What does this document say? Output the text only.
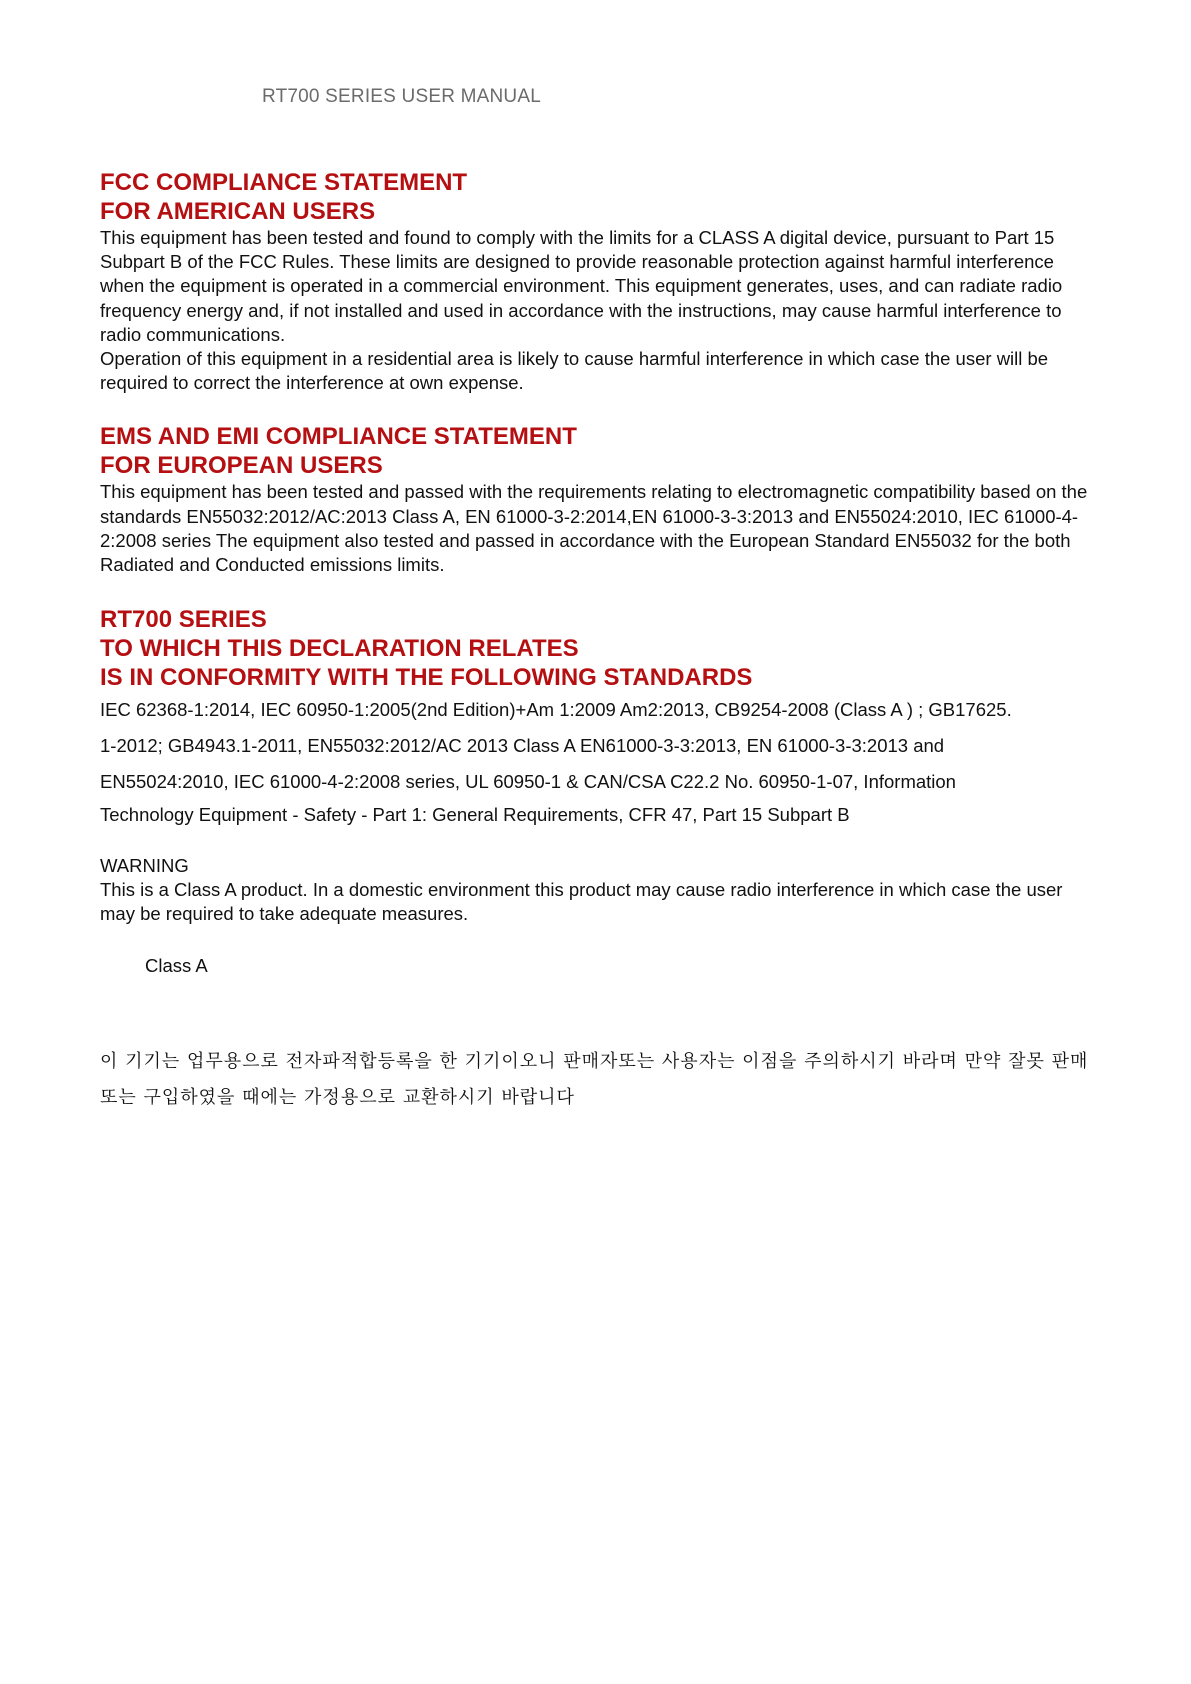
RT700 SERIES USER MANUAL
FCC COMPLIANCE STATEMENT
FOR AMERICAN USERS

This equipment has been tested and found to comply with the limits for a CLASS A digital device, pursuant to Part 15 Subpart B of the FCC Rules. These limits are designed to provide reasonable protection against harmful interference when the equipment is operated in a commercial environment. This equipment generates, uses, and can radiate radio frequency energy and, if not installed and used in accordance with the instructions, may cause harmful interference to radio communications.

Operation of this equipment in a residential area is likely to cause harmful interference in which case the user will be required to correct the interference at own expense.

EMS AND EMI COMPLIANCE STATEMENT
FOR EUROPEAN USERS

This equipment has been tested and passed with the requirements relating to electromagnetic compatibility based on the standards EN55032:2012/AC:2013 Class A, EN 61000-3-2:2014,EN 61000-3-3:2013 and EN55024:2010, IEC 61000-4-2:2008 series The equipment also tested and passed in accordance with the European Standard EN55032 for the both Radiated and Conducted emissions limits.

RT700 SERIES
TO WHICH THIS DECLARATION RELATES
IS IN CONFORMITY WITH THE FOLLOWING STANDARDS
IEC 62368-1:2014, IEC 60950-1:2005(2nd Edition)+Am 1:2009 Am2:2013, CB9254-2008 (Class A ) ; GB17625.
1-2012; GB4943.1-2011, EN55032:2012/AC 2013 Class A EN61000-3-3:2013, EN 61000-3-3:2013 and
EN55024:2010, IEC 61000-4-2:2008 series, UL 60950-1 & CAN/CSA C22.2 No. 60950-1-07, Information
Technology Equipment - Safety - Part 1: General Requirements, CFR 47, Part 15 Subpart B
WARNING

This is a Class A product. In a domestic environment this product may cause radio interference in which case the user may be required to take adequate measures.

Class A
이 기기는 업무용으로 전자파적합등록을 한 기기이오니 판매자또는 사용자는 이점을 주의하시기 바라며 만약 잘못 판매 또는 구입하였을 때에는 가정용으로 교환하시기 바랍니다
